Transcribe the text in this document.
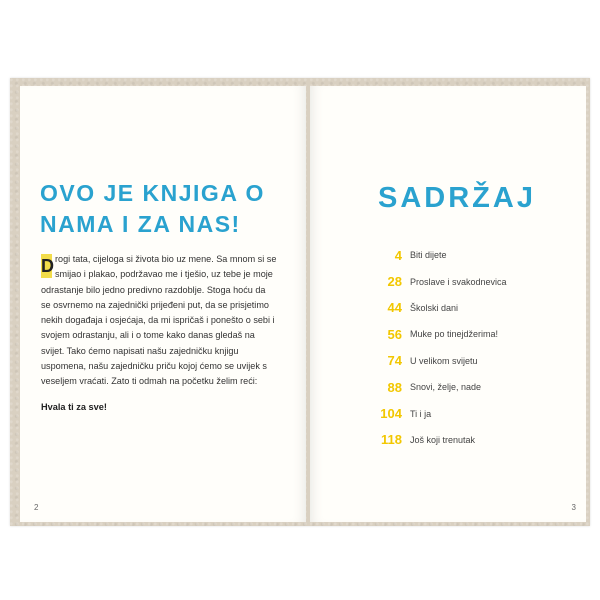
OVO JE KNJIGA O
NAMA I ZA NAS!
D rogi tata, cijeloga si života bio uz mene. Sa mnom si se smijao i plakao, podržavao me i tješio, uz tebe je moje odrastanje bilo jedno predivno razdoblje. Stoga hoću da se osvrnemo na zajednički prijeđeni put, da se prisjetimo nekih događaja i osjećaja, da mi ispričaš i ponešto o sebi i svojem odrastanju, ali i o tome kako danas gledaš na svijet. Tako ćemo napisati našu zajedničku knjigu uspomena, našu zajedničku priču kojoj ćemo se uvijek s veseljem vraćati. Zato ti odmah na početku želim reći:
Hvala ti za sve!
2
SADRŽAJ
4 Biti dijete
28 Proslave i svakodnevica
44 Školski dani
56 Muke po tinejdžerima!
74 U velikom svijetu
88 Snovi, želje, nade
104 Ti i ja
118 Još koji trenutak
3
